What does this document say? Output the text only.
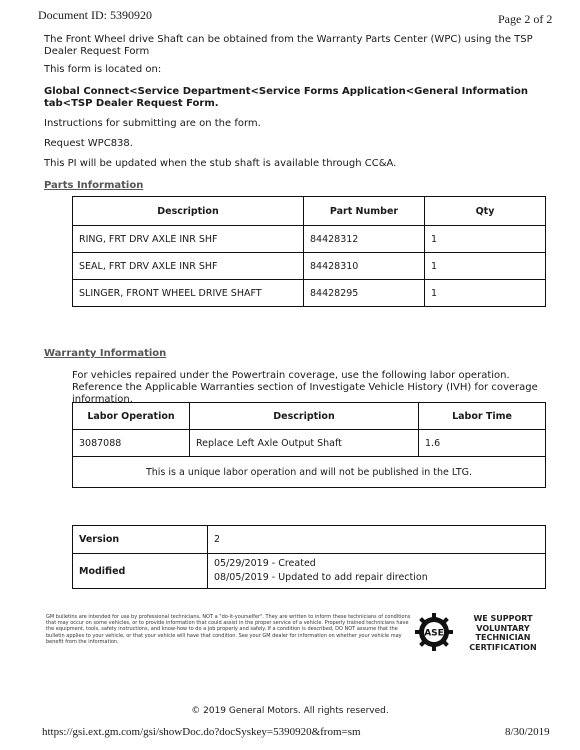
Document ID: 5390920	Page 2 of 2
The Front Wheel drive Shaft can be obtained from the Warranty Parts Center (WPC) using the TSP Dealer Request Form
This form is located on:
Global Connect<Service Department<Service Forms Application<General Information tab<TSP Dealer Request Form.
Instructions for submitting are on the form.
Request WPC838.
This PI will be updated when the stub shaft is available through CC&A.
Parts Information
Description	Part Number	Qty
RING, FRT DRV AXLE INR SHF	84428312	1
SEAL, FRT DRV AXLE INR SHF	84428310	1
SLINGER, FRONT WHEEL DRIVE SHAFT	84428295	1
Warranty Information
For vehicles repaired under the Powertrain coverage, use the following labor operation. Reference the Applicable Warranties section of Investigate Vehicle History (IVH) for coverage information.
Labor Operation	Description	Labor Time
3087088	Replace Left Axle Output Shaft	1.6
This is a unique labor operation and will not be published in the LTG.		
Version	2
Modified	05/29/2019 - Created
08/05/2019 - Updated to add repair direction
GM bulletins are intended for use by professional technicians, NOT a "do-it-yourselfer". They are written to inform these technicians of conditions that may occur on some vehicles, or to provide information that could assist in the proper service of a vehicle. Properly trained technicians have the equipment, tools, safety instructions, and know-how to do a job properly and safely. If a condition is described, DO NOT assume that the bulletin applies to your vehicle, or that your vehicle will have that condition. See your GM dealer for information on whether your vehicle may benefit from the information.
ASE
WE SUPPORT VOLUNTARY TECHNICIAN CERTIFICATION
© 2019 General Motors. All rights reserved.
https://gsi.ext.gm.com/gsi/showDoc.do?docSyskey=5390920&from=sm	8/30/2019
